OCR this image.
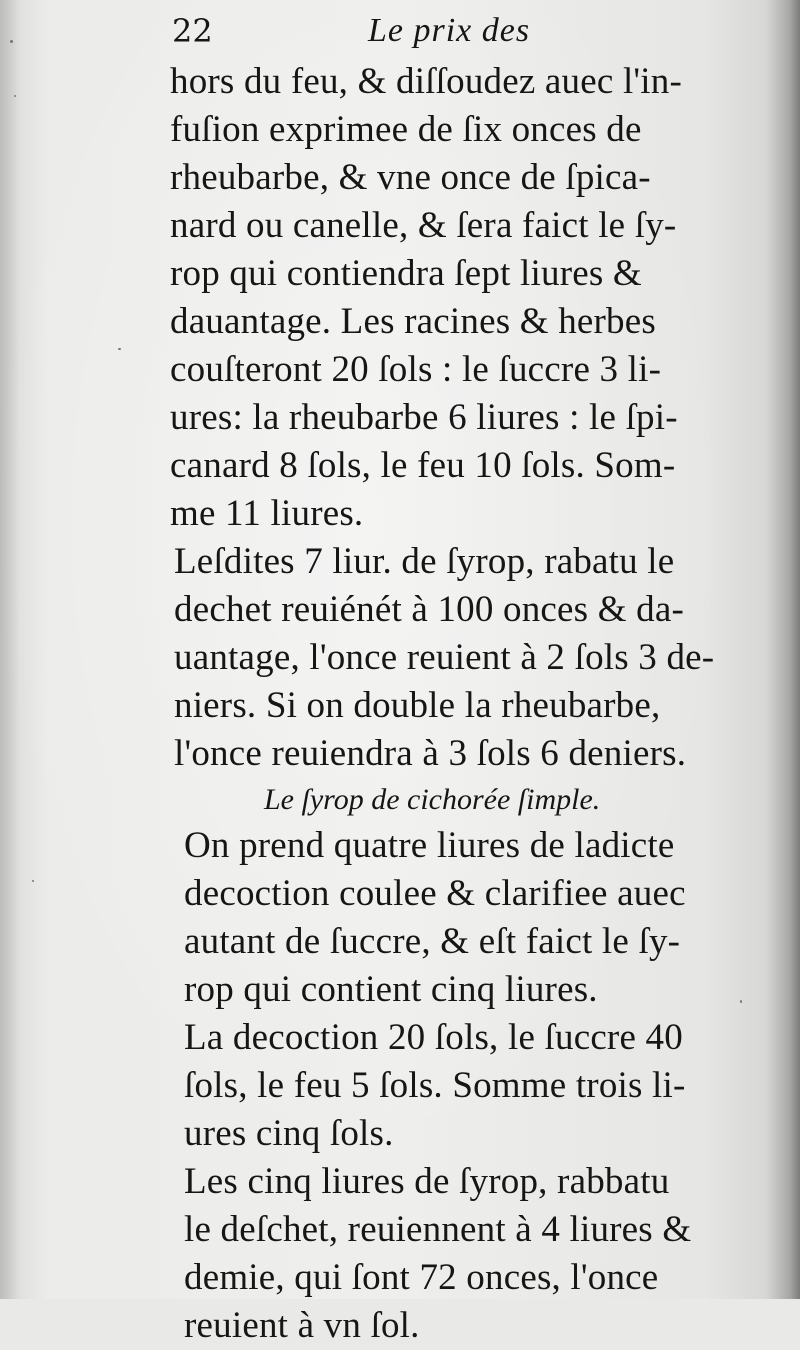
22	Le prix des
hors du feu, & diſſoudez auec l'in-
fuſion exprimee de ſix onces de
rheubarbe, & vne once de ſpica-
nard ou canelle, & ſera faict le ſy-
rop qui contiendra ſept liures &
dauantage. Les racines & herbes
couſteront 20 ſols : le ſuccre 3 li-
ures: la rheubarbe 6 liures : le ſpi-
canard 8 ſols, le feu 10 ſols. Som-
me 11 liures.
Leſdites 7 liur. de ſyrop, rabatu le
dechet reuiénét à 100 onces & da-
uantage, l'once reuient à 2 ſols 3 de-
niers. Si on double la rheubarbe,
l'once reuiendra à 3 ſols 6 deniers.
Le ſyrop de cichorée ſimple.
On prend quatre liures de ladicte
decoction coulee & clarifiee auec
autant de ſuccre, & eſt faict le ſy-
rop qui contient cinq liures.
La decoction 20 ſols, le ſuccre 40
ſols, le feu 5 ſols. Somme trois li-
ures cinq ſols.
Les cinq liures de ſyrop, rabbatu
le deſchet, reuiennent à 4 liures &
demie, qui ſont 72 onces, l'once
reuient à vn ſol.
